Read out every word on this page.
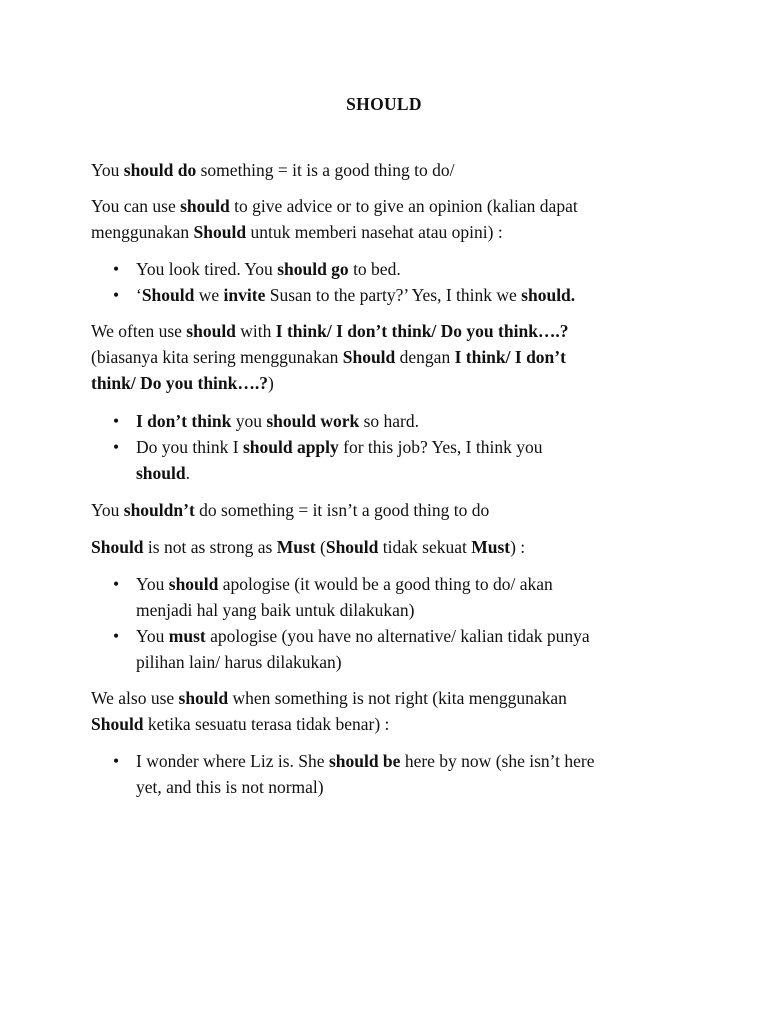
SHOULD

You should do something = it is a good thing to do/

You can use should to give advice or to give an opinion (kalian dapat

menggunakan Should untuk memberi nasehat atau opini) :

• You look tired. You should go to bed.
• ‘Should we invite Susan to the party?’ Yes, I think we should.

We often use should with I think/ I don’t think/ Do you think….?

(biasanya kita sering menggunakan Should dengan I think/ I don’t

think/ Do you think….?)

• I don’t think you should work so hard.
• Do you think I should apply for this job? Yes, I think you
should.

You shouldn’t do something = it isn’t a good thing to do

Should is not as strong as Must (Should tidak sekuat Must) :

• You should apologise (it would be a good thing to do/ akan
menjadi hal yang baik untuk dilakukan)
• You must apologise (you have no alternative/ kalian tidak punya
pilihan lain/ harus dilakukan)

We also use should when something is not right (kita menggunakan

Should ketika sesuatu terasa tidak benar) :

• I wonder where Liz is. She should be here by now (she isn’t here
yet, and this is not normal)
